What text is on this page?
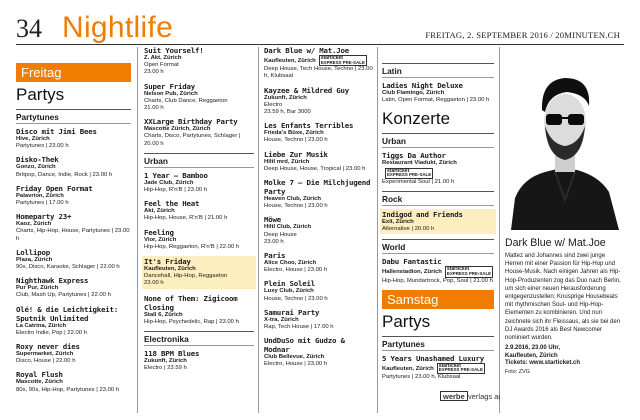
34 Nightlife	FREITAG, 2. SEPTEMBER 2016 / 20MINUTEN.CH
Freitag
Partys
Partytunes
Disco mit Jimi Bees
Hive, Zürich
Partytunes | 23.00 h
Disko-Thek
Gonzo, Zürich
Britpop, Dance, Indie, Rock | 23.00 h
Friday Open Format
Palavrion, Zürich
Partytunes | 17.00 h
Homeparty 23+
Kaoz, Zürich
Charts, Hip-Hop, House, Partytunes | 23.00 h
Lollipop
Plaza, Zürich
90s, Disco, Karaoke, Schlager | 22.00 h
Nighthawk Express
Pur Pur, Zürich
Club, Mash Up, Partytunes | 22.00 h
Olé! & die Leichtigkeit: Sputnik Unlimited
La Catrina, Zürich
Electro Indie, Pop | 22.00 h
Roxy never dies
Supermarket, Zürich
Disco, House | 22.00 h
Royal Flush
Mascotte, Zürich
80s, 90s, Hip-Hop, Partytunes | 23.00 h
Suit Yourself!
Z. Akt, Zürich
Open Format
23.00 h
Super Friday
Nelson Pub, Zürich
Charts, Club Dance, Reggaeton
21.00 h
XXLarge Birthday Party
Mascotte Zürich, Zürich
Charts, Disco, Partytunes, Schlager | 20.00 h
Urban
1 Year – Bamboo
Jade Club, Zürich
Hip-Hop, R'n'B | 23.00 h
Feel the Heat
Akt, Zürich
Hip-Hop, House, R'n'B | 21.00 h
Feeling
Vior, Zürich
Hip-Hop, Reggaeton, R'n'B | 22.00 h
It's Friday
Kaufleuten, Zürich
Dancehall, Hip-Hop, Reggaeton
23.00 h
None of Them: Zigicoom Closing
Stall 6, Zürich
Hip-Hop, Psychedelic, Rap | 23.00 h
Electronika
118 BPM Blues
Zukunft, Zürich
Electro | 23.59 h
Dark Blue w/ Mat.Joe
Kaufleuten, Zürichstarticket
EXPRESS PRE-SALE
Deep House, Tech House, Techno | 23.00 h, Klubsaal
Kayzee & Mildred Guy
Zukunft, Zürich
Electro
23.59 h, Bar 3000
Les Enfants Terribles
Frieda's Büxe, Zürich
House, Techno | 23.00 h
Liebe Zur Musik
Hiltl mrd, Zürich
Deep House, House, Tropical | 23.00 h
Molke 7 – Die Milchjugend Party
Heaven Club, Zürich
House, Techno | 23.00 h
Möwe
Hiltl Club, Zürich
Deep House
23.00 h
Paris
Alice Choo, Zürich
Electro, House | 23.00 h
Plein Soleil
Luxy Club, Zürich
House, Techno | 23.00 h
Samurai Party
X-tra, Zürich
Rap, Tech House | 17.00 h
UndDuSo mit Gudzo & Modnar
Club Bellevue, Zürich
Electro, House | 23.00 h
Latin
Ladies Night Deluxe
Club Flamingo, Zürich
Latin, Open Format, Reggaeton | 23.00 h
Konzerte
Urban
Tiggs Da Author
Restaurant Viadukt, Zürichstarticket
EXPRESS PRE-SALE
Experimental Soul | 21.00 h
Rock
Indigod and Friends
Exil, Zürich
Alternative | 20.00 h
World
Dabu Fantastic
Hallenstadion, Zürichstarticket
EXPRESS PRE-SALE
Hip-Hop, Mundartrock, Pop, Soul | 21.00 h
Samstag
Partys
Partytunes
5 Years Unashamed Luxury
Kaufleuten, Zürichstarticket
EXPRESS PRE-SALE
Partytunes | 23.00 h, Klubsaal
Dark Blue w/ Mat.Joe
Mattez and Johannes sind zwei junge Herren mit einer Passion für Hip-Hop und House-Musik. Nach einigen Jahren als Hip-Hop-Produzenten zog das Duo nach Berlin, um sich einer neuen Herausforderung entgegenzustellen: Knusprige Housebeats mit rhythmischen Soul- und Hip-Hop-Elementen zu kombinieren. Und nun zeichnete sich ihr Fleissaus, als sie bei den DJ Awards 2016 als Best Newcomer nominiert wurden.
2.9.2016, 23.00 Uhr,
Kaufleuten, Zürich
Tickets: www.starticket.ch
Foto: ZVG
werbe verlags ag
